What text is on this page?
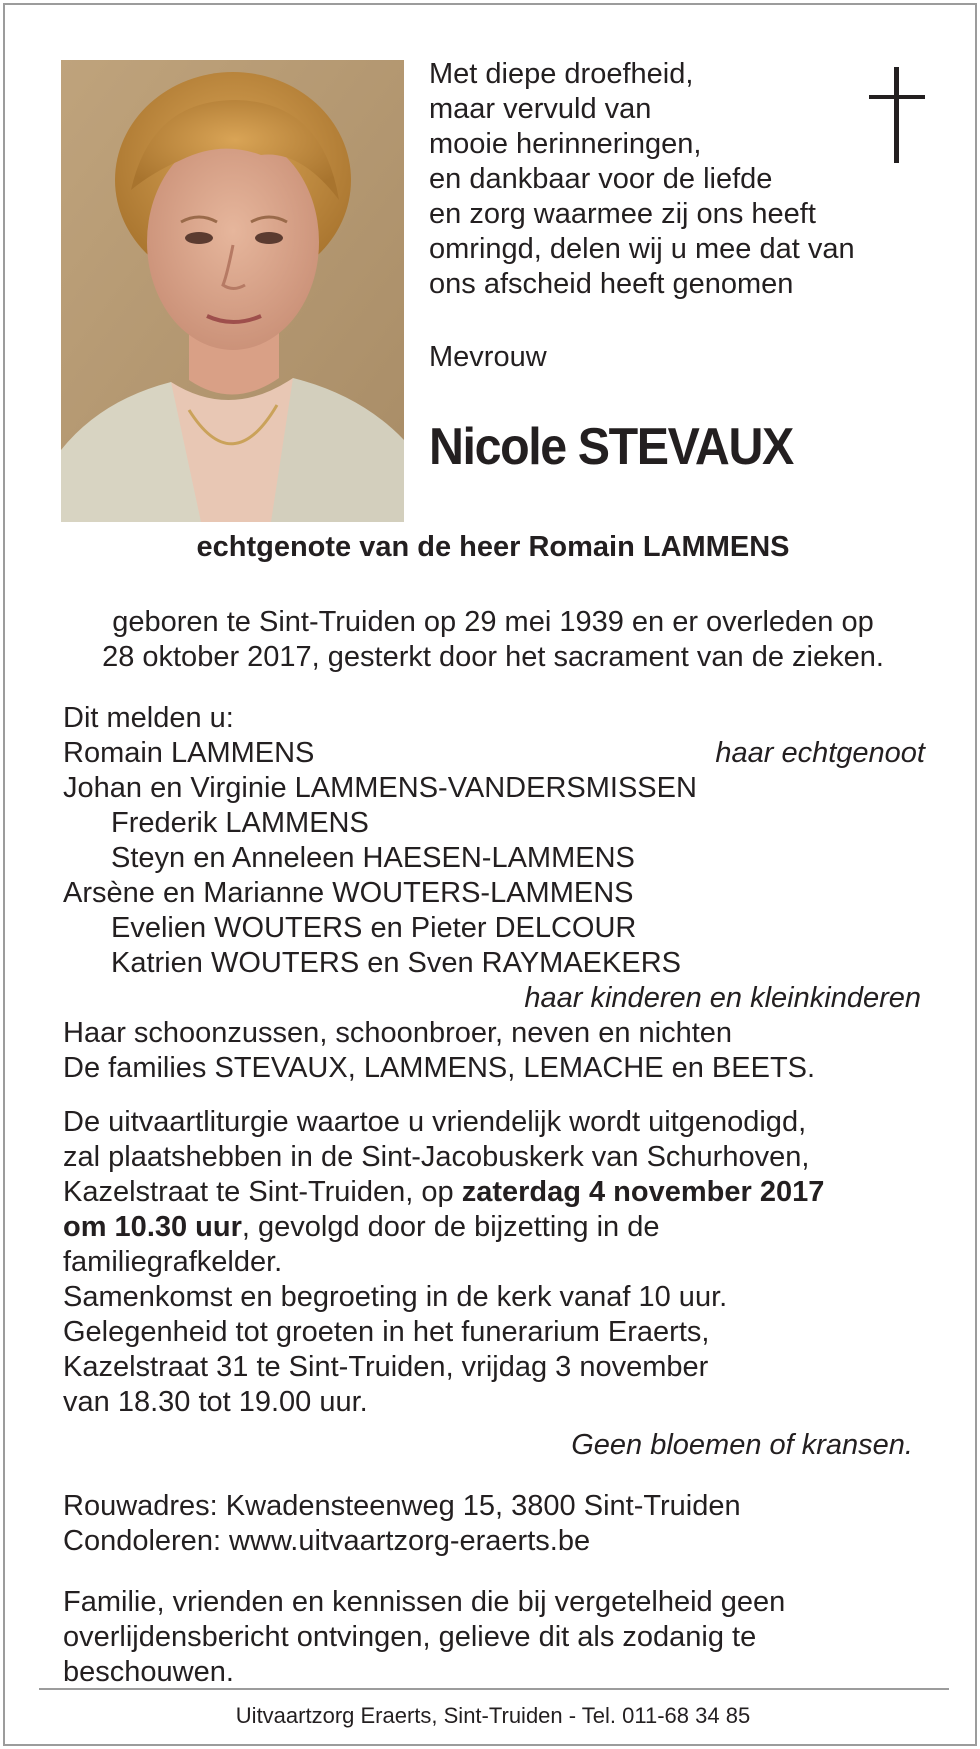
Met diepe droefheid,
maar vervuld van
mooie herinneringen,
en dankbaar voor de liefde
en zorg waarmee zij ons heeft
omringd, delen wij u mee dat van
ons afscheid heeft genomen

Mevrouw

Nicole STEVAUX

echtgenote van de heer Romain LAMMENS

geboren te Sint-Truiden op 29 mei 1939 en er overleden op
28 oktober 2017, gesterkt door het sacrament van de zieken.
Dit melden u:
Romain LAMMENS	haar echtgenoot
Johan en Virginie LAMMENS-VANDERSMISSEN
Frederik LAMMENS
Steyn en Anneleen HAESEN-LAMMENS
Arsène en Marianne WOUTERS-LAMMENS
Evelien WOUTERS en Pieter DELCOUR
Katrien WOUTERS en Sven RAYMAEKERS
haar kinderen en kleinkinderen
Haar schoonzussen, schoonbroer, neven en nichten
De families STEVAUX, LAMMENS, LEMACHE en BEETS.
De uitvaartliturgie waartoe u vriendelijk wordt uitgenodigd,
zal plaatshebben in de Sint-Jacobuskerk van Schurhoven,
Kazelstraat te Sint-Truiden, op zaterdag 4 november 2017
om 10.30 uur, gevolgd door de bijzetting in de
familiegrafkelder.
Samenkomst en begroeting in de kerk vanaf 10 uur.
Gelegenheid tot groeten in het funerarium Eraerts,
Kazelstraat 31 te Sint-Truiden, vrijdag 3 november
van 18.30 tot 19.00 uur.

Geen bloemen of kransen.

Rouwadres: Kwadensteenweg 15, 3800 Sint-Truiden
Condoleren: www.uitvaartzorg-eraerts.be
Familie, vrienden en kennissen die bij vergetelheid geen
overlijdensbericht ontvingen, gelieve dit als zodanig te
beschouwen.

Uitvaartzorg Eraerts, Sint-Truiden - Tel. 011-68 34 85
